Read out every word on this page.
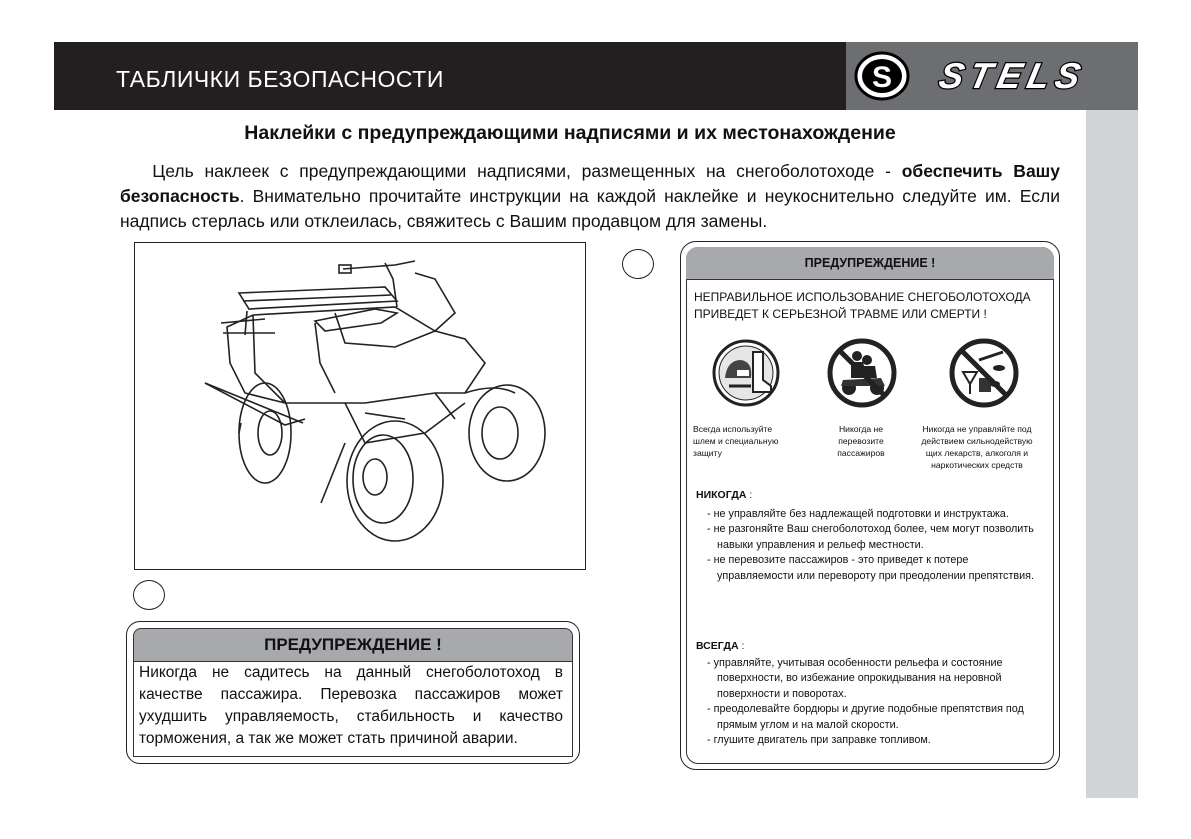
ТАБЛИЧКИ БЕЗОПАСНОСТИ	S STELS
Наклейки с предупреждающими надписями и их местонахождение

Цель наклеек с предупреждающими надписями, размещенных на снегоболотоходе - обеспечить Вашу безопасность. Внимательно прочитайте инструкции на каждой наклейке и неукоснительно следуйте им. Если надпись стерлась или отклеилась, свяжитесь с Вашим продавцом для замены.

ПРЕДУПРЕЖДЕНИЕ !
Никогда не садитесь на данный снегоболотоход в качестве пассажира. Перевозка пассажиров может ухудшить управляемость, стабильность и качество торможения, а так же может стать причиной аварии.
ПРЕДУПРЕЖДЕНИЕ !
НЕПРАВИЛЬНОЕ ИСПОЛЬЗОВАНИЕ СНЕГОБОЛОТОХОДА ПРИВЕДЕТ К СЕРЬЕЗНОЙ ТРАВМЕ ИЛИ СМЕРТИ !
Всегда используйте
шлем и специальную
защиту
Никогда не
перевозите
пассажиров
Никогда не управляйте под
действием сильнодействую
щих лекарств, алкоголя и
наркотических средств
НИКОГДА :
- не управляйте без надлежащей подготовки и инструктажа.
- не разгоняйте Ваш снегоболотоход более, чем могут позволить навыки управления и рельеф местности.
- не перевозите пассажиров - это приведет к потере управляемости или перевороту при преодолении препятствия.
ВСЕГДА :
- управляйте, учитывая особенности рельефа и состояние поверхности, во избежание опрокидывания на неровной поверхности и поворотах.
- преодолевайте бордюры и другие подобные препятствия под прямым углом и на малой скорости.
- глушите двигатель при заправке топливом.
